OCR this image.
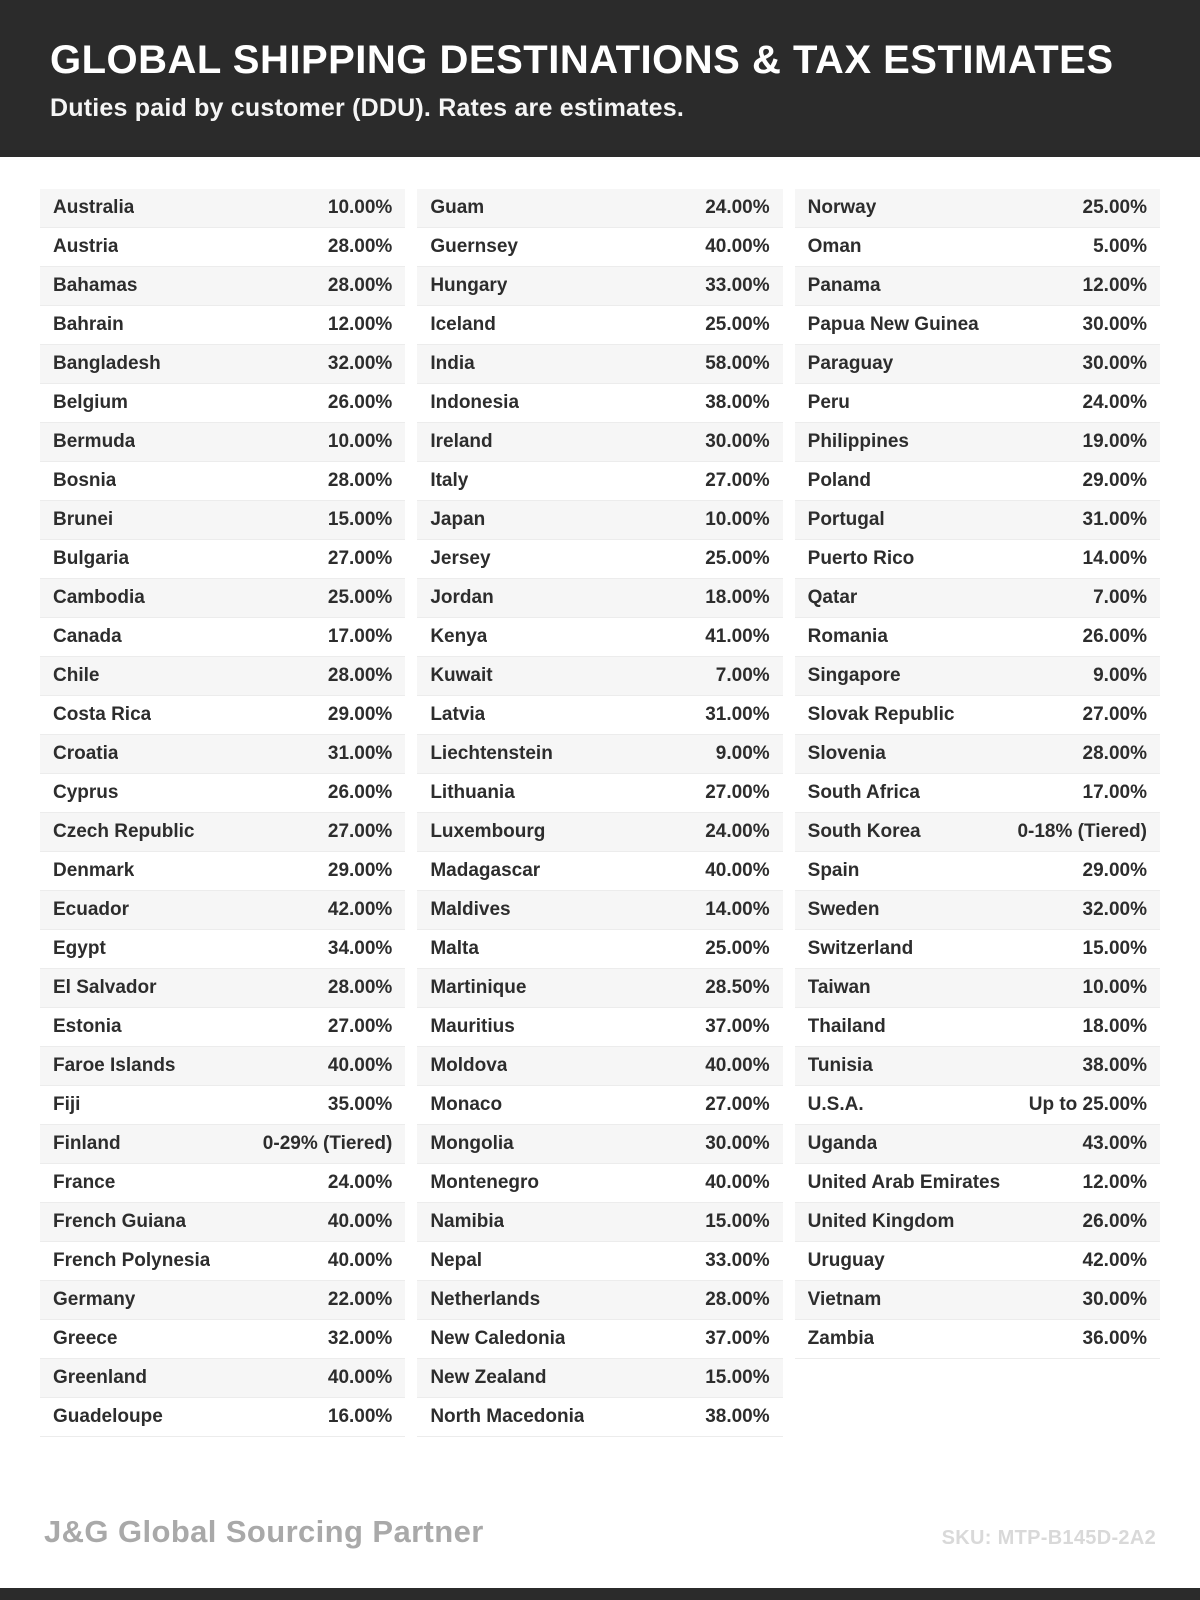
GLOBAL SHIPPING DESTINATIONS & TAX ESTIMATES
Duties paid by customer (DDU). Rates are estimates.
Australia	10.00%
Austria	28.00%
Bahamas	28.00%
Bahrain	12.00%
Bangladesh	32.00%
Belgium	26.00%
Bermuda	10.00%
Bosnia	28.00%
Brunei	15.00%
Bulgaria	27.00%
Cambodia	25.00%
Canada	17.00%
Chile	28.00%
Costa Rica	29.00%
Croatia	31.00%
Cyprus	26.00%
Czech Republic	27.00%
Denmark	29.00%
Ecuador	42.00%
Egypt	34.00%
El Salvador	28.00%
Estonia	27.00%
Faroe Islands	40.00%
Fiji	35.00%
Finland	0-29% (Tiered)
France	24.00%
French Guiana	40.00%
French Polynesia	40.00%
Germany	22.00%
Greece	32.00%
Greenland	40.00%
Guadeloupe	16.00%
Guam	24.00%
Guernsey	40.00%
Hungary	33.00%
Iceland	25.00%
India	58.00%
Indonesia	38.00%
Ireland	30.00%
Italy	27.00%
Japan	10.00%
Jersey	25.00%
Jordan	18.00%
Kenya	41.00%
Kuwait	7.00%
Latvia	31.00%
Liechtenstein	9.00%
Lithuania	27.00%
Luxembourg	24.00%
Madagascar	40.00%
Maldives	14.00%
Malta	25.00%
Martinique	28.50%
Mauritius	37.00%
Moldova	40.00%
Monaco	27.00%
Mongolia	30.00%
Montenegro	40.00%
Namibia	15.00%
Nepal	33.00%
Netherlands	28.00%
New Caledonia	37.00%
New Zealand	15.00%
North Macedonia	38.00%
Norway	25.00%
Oman	5.00%
Panama	12.00%
Papua New Guinea	30.00%
Paraguay	30.00%
Peru	24.00%
Philippines	19.00%
Poland	29.00%
Portugal	31.00%
Puerto Rico	14.00%
Qatar	7.00%
Romania	26.00%
Singapore	9.00%
Slovak Republic	27.00%
Slovenia	28.00%
South Africa	17.00%
South Korea	0-18% (Tiered)
Spain	29.00%
Sweden	32.00%
Switzerland	15.00%
Taiwan	10.00%
Thailand	18.00%
Tunisia	38.00%
U.S.A.	Up to 25.00%
Uganda	43.00%
United Arab Emirates	12.00%
United Kingdom	26.00%
Uruguay	42.00%
Vietnam	30.00%
Zambia	36.00%
J&G Global Sourcing Partner	SKU: MTP-B145D-2A2
